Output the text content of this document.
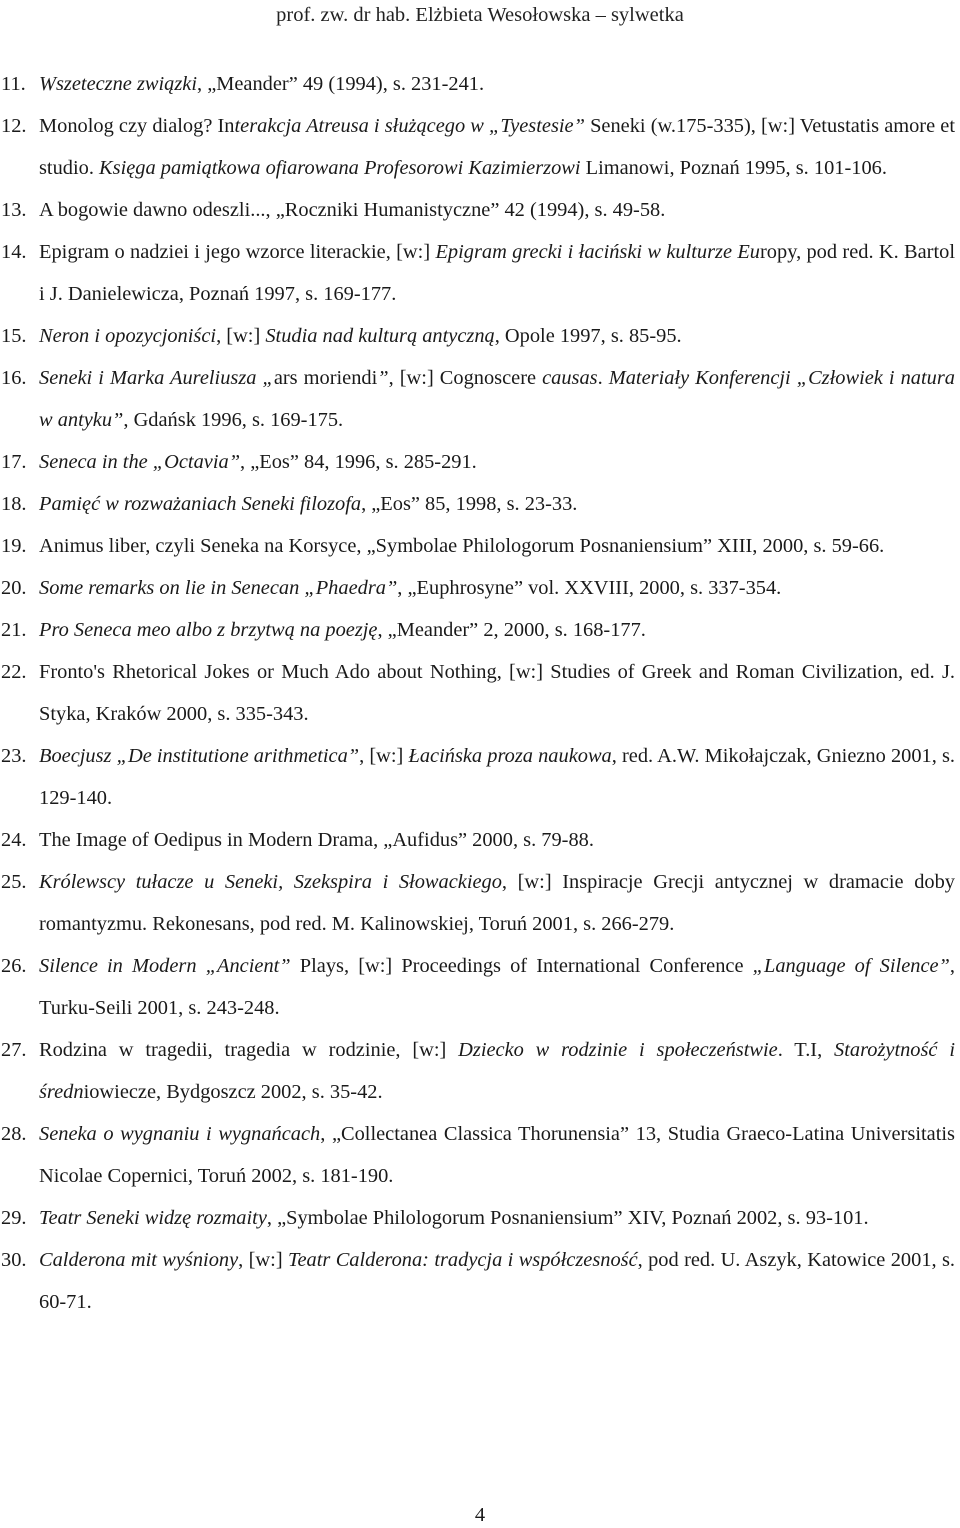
prof. zw. dr hab. Elżbieta Wesołowska – sylwetka
11. Wszeteczne związki, „Meander” 49 (1994), s. 231-241.
12. Monolog czy dialog? Interakcja Atreusa i służącego w „Tyestesie” Seneki (w.175-335), [w:] Vetustatis amore et studio. Księga pamiątkowa ofiarowana Profesorowi Kazimierzowi Limanowi, Poznań 1995, s. 101-106.
13. A bogowie dawno odeszli..., „Roczniki Humanistyczne” 42 (1994), s. 49-58.
14. Epigram o nadziei i jego wzorce literackie, [w:] Epigram grecki i łaciński w kulturze Europy, pod red. K. Bartol i J. Danielewicza, Poznań 1997, s. 169-177.
15. Neron i opozycjoniści, [w:] Studia nad kulturą antyczną, Opole 1997, s. 85-95.
16. Seneki i Marka Aureliusza „ars moriendi”, [w:] Cognoscere causas. Materiały Konferencji „Człowiek i natura w antyku”, Gdańsk 1996, s. 169-175.
17. Seneca in the „Octavia”, „Eos” 84, 1996, s. 285-291.
18. Pamięć w rozważaniach Seneki filozofa, „Eos” 85, 1998, s. 23-33.
19. Animus liber, czyli Seneka na Korsyce, „Symbolae Philologorum Posnaniensium” XIII, 2000, s. 59-66.
20. Some remarks on lie in Senecan „Phaedra”, „Euphrosyne” vol. XXVIII, 2000, s. 337-354.
21. Pro Seneca meo albo z brzytwą na poezję, „Meander” 2, 2000, s. 168-177.
22. Fronto's Rhetorical Jokes or Much Ado about Nothing, [w:] Studies of Greek and Roman Civilization, ed. J. Styka, Kraków 2000, s. 335-343.
23. Boecjusz „De institutione arithmetica”, [w:] Łacińska proza naukowa, red. A.W. Mikołajczak, Gniezno 2001, s. 129-140.
24. The Image of Oedipus in Modern Drama, „Aufidus” 2000, s. 79-88.
25. Królewscy tułacze u Seneki, Szekspira i Słowackiego, [w:] Inspiracje Grecji antycznej w dramacie doby romantyzmu. Rekonesans, pod red. M. Kalinowskiej, Toruń 2001, s. 266-279.
26. Silence in Modern „Ancient” Plays, [w:] Proceedings of International Conference „Language of Silence”, Turku-Seili 2001, s. 243-248.
27. Rodzina w tragedii, tragedia w rodzinie, [w:] Dziecko w rodzinie i społeczeństwie. T.I, Starożytność i średniowiecze, Bydgoszcz 2002, s. 35-42.
28. Seneka o wygnaniu i wygnańcach, „Collectanea Classica Thorunensia” 13, Studia Graeco-Latina Universitatis Nicolae Copernici, Toruń 2002, s. 181-190.
29. Teatr Seneki widzę rozmaity, „Symbolae Philologorum Posnaniensium” XIV, Poznań 2002, s. 93-101.
30. Calderona mit wyśniony, [w:] Teatr Calderona: tradycja i współczesność, pod red. U. Aszyk, Katowice 2001, s. 60-71.
4
